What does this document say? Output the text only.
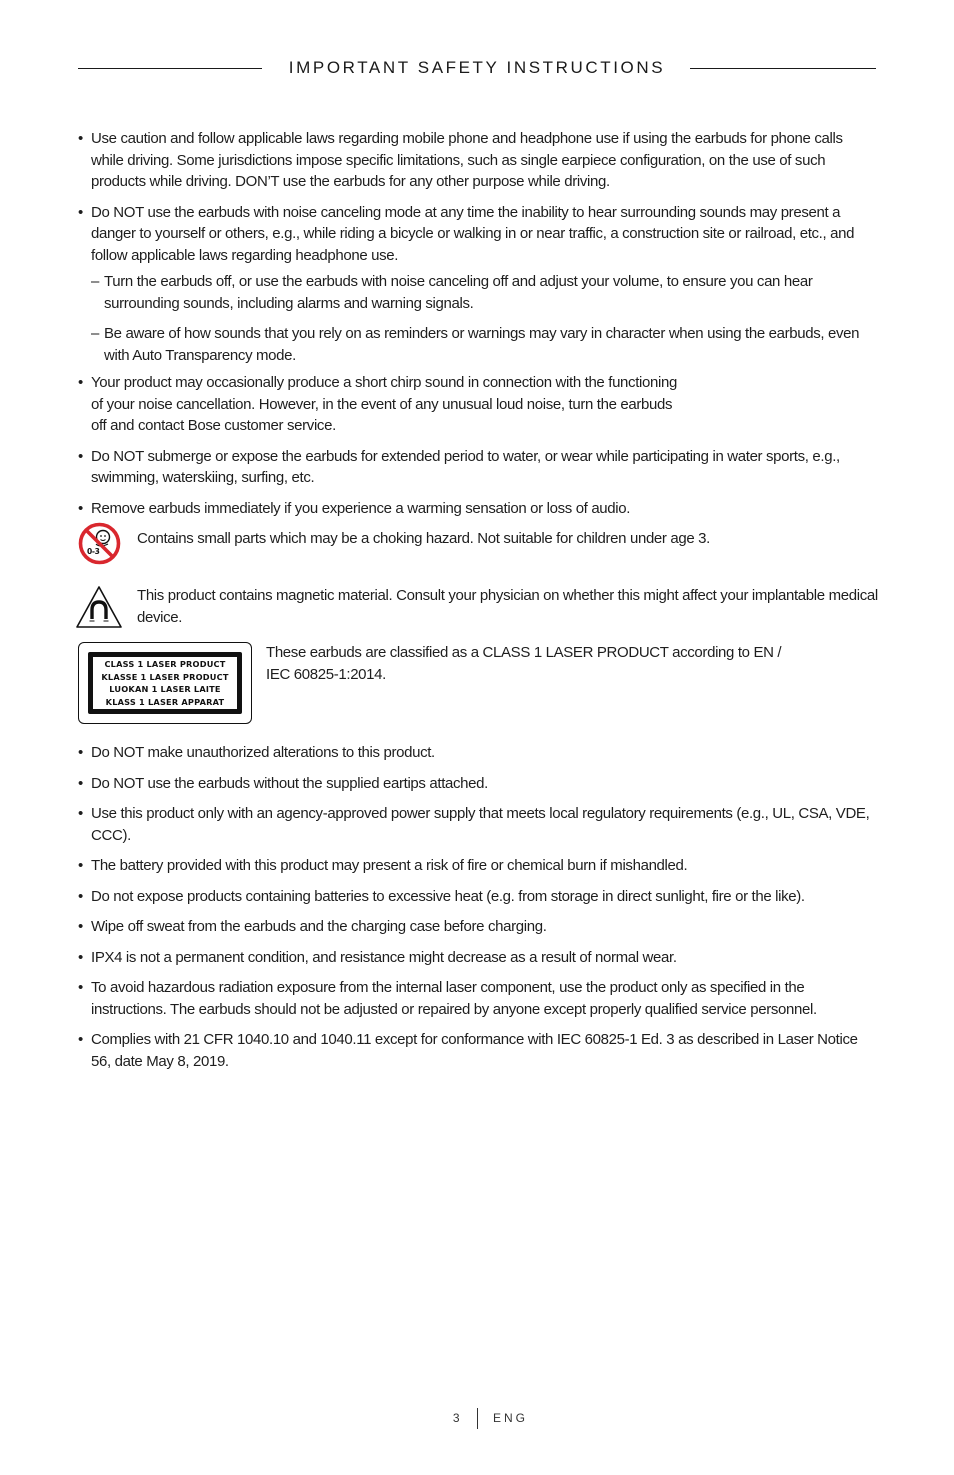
IMPORTANT SAFETY INSTRUCTIONS
• Use caution and follow applicable laws regarding mobile phone and headphone use if using the earbuds for phone calls while driving. Some jurisdictions impose specific limitations, such as single earpiece configuration, on the use of such products while driving. DON’T use the earbuds for any other purpose while driving.
• Do NOT use the earbuds with noise canceling mode at any time the inability to hear surrounding sounds may present a danger to yourself or others, e.g., while riding a bicycle or walking in or near traffic, a construction site or railroad, etc., and follow applicable laws regarding headphone use.
– Turn the earbuds off, or use the earbuds with noise canceling off and adjust your volume, to ensure you can hear surrounding sounds, including alarms and warning signals.
– Be aware of how sounds that you rely on as reminders or warnings may vary in character when using the earbuds, even with Auto Transparency mode.
• Your product may occasionally produce a short chirp sound in connection with the functioning of your noise cancellation. However, in the event of any unusual loud noise, turn the earbuds off and contact Bose customer service.
• Do NOT submerge or expose the earbuds for extended period to water, or wear while participating in water sports, e.g., swimming, waterskiing, surfing, etc.
• Remove earbuds immediately if you experience a warming sensation or loss of audio.
0-3
Contains small parts which may be a choking hazard. Not suitable for children under age 3.
This product contains magnetic material. Consult your physician on whether this might affect your implantable medical device.
CLASS 1 LASER PRODUCT
KLASSE 1 LASER PRODUCT
LUOKAN 1 LASER LAITE
KLASS 1 LASER APPARAT
These earbuds are classified as a CLASS 1 LASER PRODUCT according to EN / IEC 60825-1:2014.
• Do NOT make unauthorized alterations to this product.
• Do NOT use the earbuds without the supplied eartips attached.
• Use this product only with an agency-approved power supply that meets local regulatory requirements (e.g., UL, CSA, VDE, CCC).
• The battery provided with this product may present a risk of fire or chemical burn if mishandled.
• Do not expose products containing batteries to excessive heat (e.g. from storage in direct sunlight, fire or the like).
• Wipe off sweat from the earbuds and the charging case before charging.
• IPX4 is not a permanent condition, and resistance might decrease as a result of normal wear.
• To avoid hazardous radiation exposure from the internal laser component, use the product only as specified in the instructions. The earbuds should not be adjusted or repaired by anyone except properly qualified service personnel.
• Complies with 21 CFR 1040.10 and 1040.11 except for conformance with IEC 60825-1 Ed. 3 as described in Laser Notice 56, date May 8, 2019.
3	ENG
